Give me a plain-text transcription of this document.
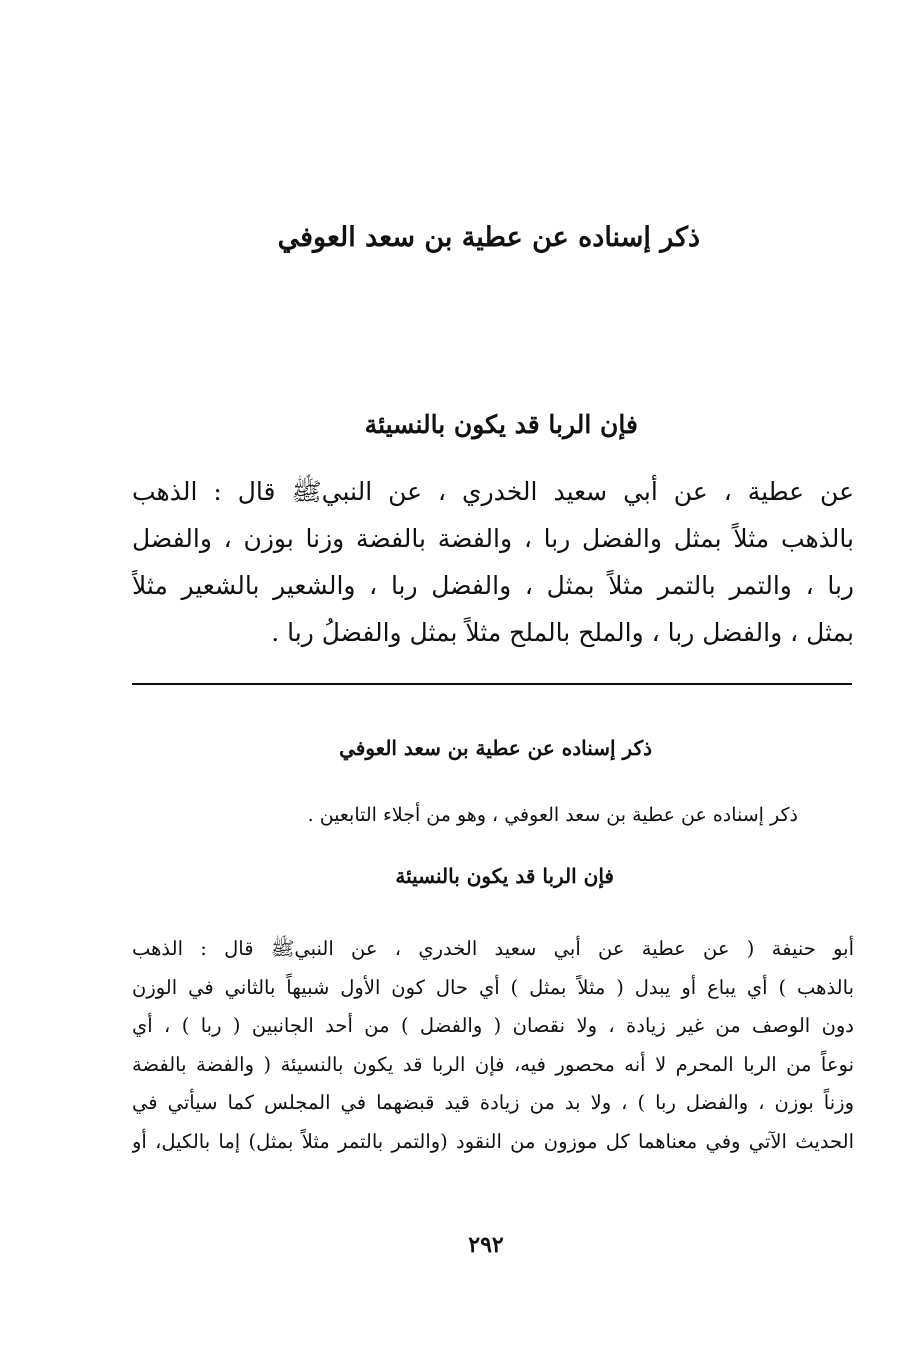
ذكر إسناده عن عطية بن سعد العوفي
فإن الربا قد يكون بالنسيئة
عن عطية ، عن أبي سعيد الخدري ، عن النبيﷺ قال : الذهب
بالذهب مثلاً بمثل والفضل ربا ، والفضة بالفضة وزنا بوزن ، والفضل
ربا ، والتمر بالتمر مثلاً بمثل ، والفضل ربا ، والشعير بالشعير مثلاً
بمثل ، والفضل ربا ، والملح بالملح مثلاً بمثل والفضلُ ربا .
ذكر إسناده عن عطية بن سعد العوفي
ذكر إسناده عن عطية بن سعد العوفي ، وهو من أجلاء التابعين .
فإن الربا قد يكون بالنسيئة
أبو حنيفة ( عن عطية عن أبي سعيد الخدري ، عن النبيﷺ قال : الذهب
بالذهب ) أي يباع أو يبدل ( مثلاً بمثل ) أي حال كون الأول شبيهاً بالثاني في الوزن
دون الوصف من غير زيادة ، ولا نقصان ( والفضل ) من أحد الجانبين ( ربا ) ، أي
نوعاً من الربا المحرم لا أنه محصور فيه، فإن الربا قد يكون بالنسيئة ( والفضة بالفضة
وزناً بوزن ، والفضل ربا ) ، ولا بد من زيادة قيد قبضهما في المجلس كما سيأتي في
الحديث الآتي وفي معناهما كل موزون من النقود (والتمر بالتمر مثلاً بمثل) إما بالكيل، أو
٢٩٢
